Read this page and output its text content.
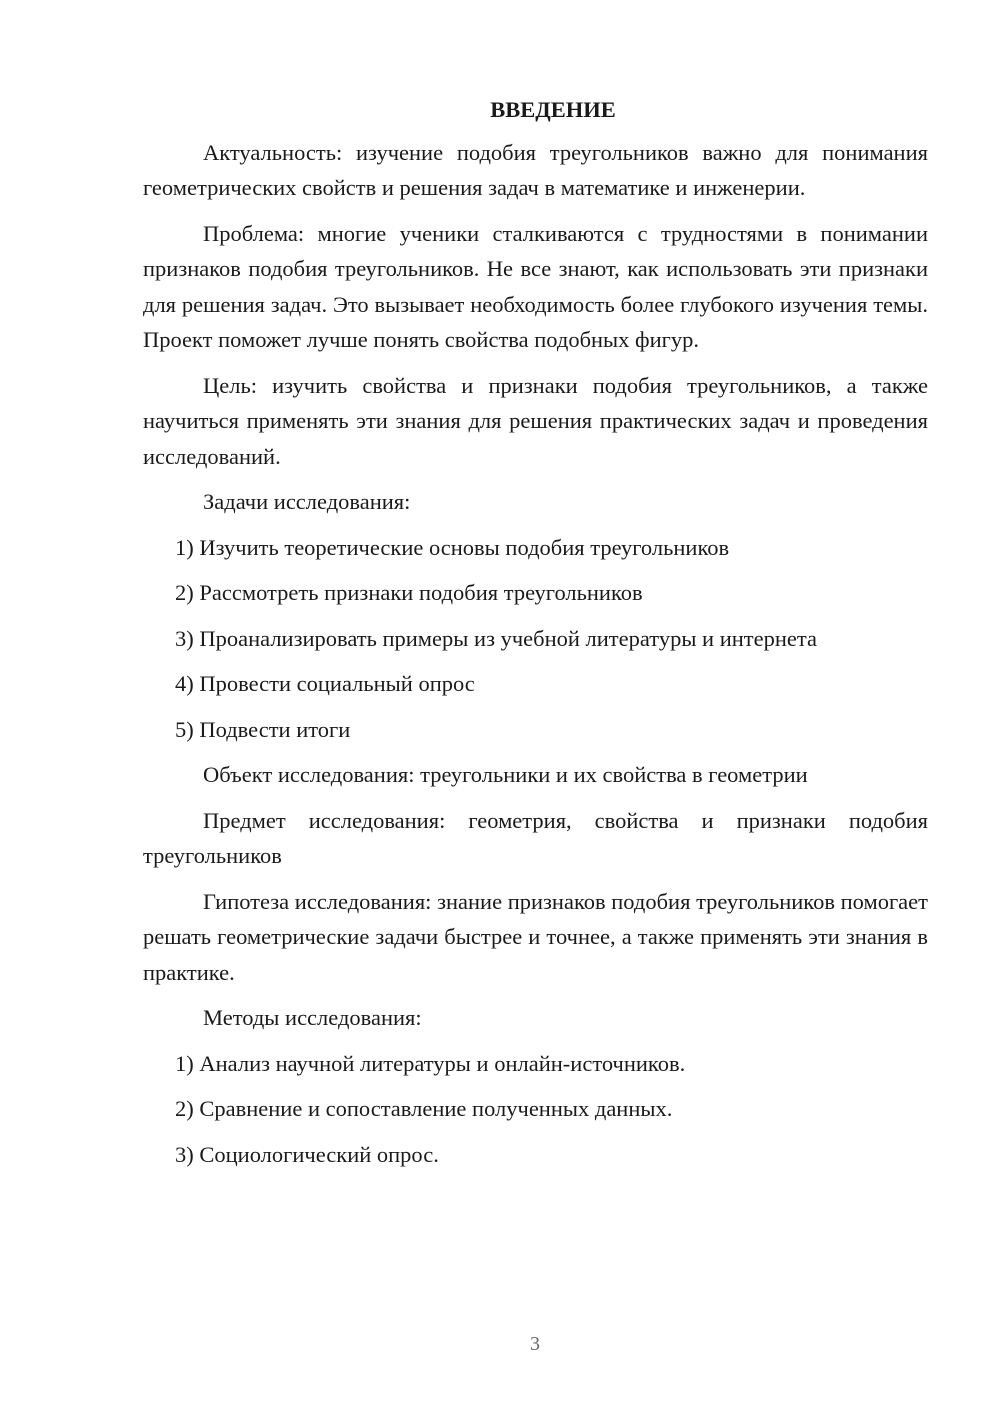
ВВЕДЕНИЕ

Актуальность: изучение подобия треугольников важно для понимания геометрических свойств и решения задач в математике и инженерии.

Проблема: многие ученики сталкиваются с трудностями в понимании признаков подобия треугольников. Не все знают, как использовать эти признаки для решения задач. Это вызывает необходимость более глубокого изучения темы. Проект поможет лучше понять свойства подобных фигур.

Цель: изучить свойства и признаки подобия треугольников, а также научиться применять эти знания для решения практических задач и проведения исследований.

Задачи исследования:

1) Изучить теоретические основы подобия треугольников
2) Рассмотреть признаки подобия треугольников
3) Проанализировать примеры из учебной литературы и интернета
4) Провести социальный опрос
5) Подвести итоги

Объект исследования: треугольники и их свойства в геометрии

Предмет исследования: геометрия, свойства и признаки подобия треугольников

Гипотеза исследования: знание признаков подобия треугольников помогает решать геометрические задачи быстрее и точнее, а также применять эти знания в практике.

Методы исследования:

1) Анализ научной литературы и онлайн-источников.
2) Сравнение и сопоставление полученных данных.
3) Социологический опрос.
3
